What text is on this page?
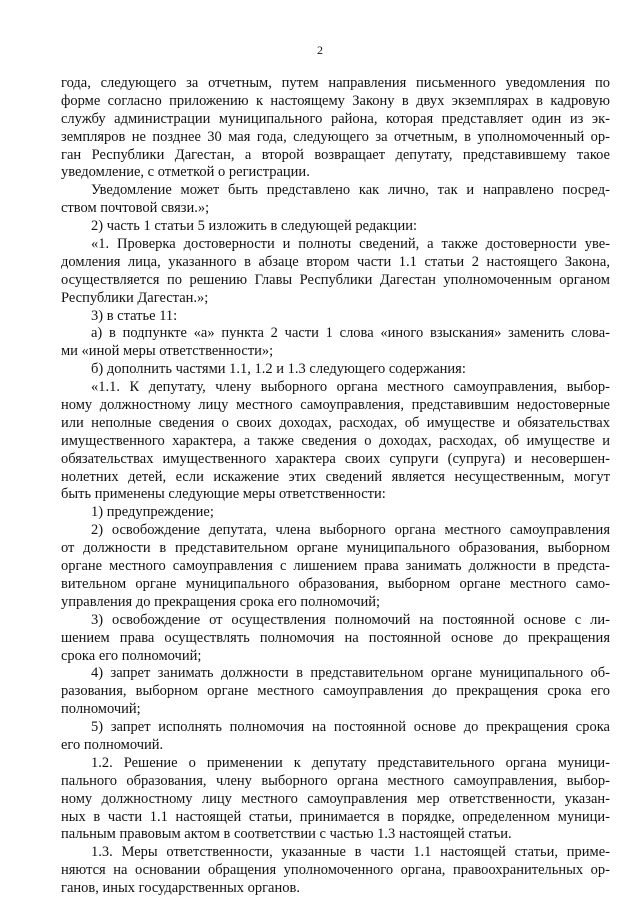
2
года, следующего за отчетным, путем направления письменного уведомления по
форме согласно приложению к настоящему Закону в двух экземплярах в кадровую
службу администрации муниципального района, которая представляет один из эк-
земпляров не позднее 30 мая года, следующего за отчетным, в уполномоченный ор-
ган Республики Дагестан, а второй возвращает депутату, представившему такое
уведомление, с отметкой о регистрации.
Уведомление может быть представлено как лично, так и направлено посред-
ством почтовой связи.»;
2) часть 1 статьи 5 изложить в следующей редакции:
«1. Проверка достоверности и полноты сведений, а также достоверности уве-
домления лица, указанного в абзаце втором части 1.1 статьи 2 настоящего Закона,
осуществляется по решению Главы Республики Дагестан уполномоченным органом
Республики Дагестан.»;
3) в статье 11:
а) в подпункте «а» пункта 2 части 1 слова «иного взыскания» заменить слова-
ми «иной меры ответственности»;
б) дополнить частями 1.1, 1.2 и 1.3 следующего содержания:
«1.1. К депутату, члену выборного органа местного самоуправления, выбор-
ному должностному лицу местного самоуправления, представившим недостоверные
или неполные сведения о своих доходах, расходах, об имуществе и обязательствах
имущественного характера, а также сведения о доходах, расходах, об имуществе и
обязательствах имущественного характера своих супруги (супруга) и несовершен-
нолетних детей, если искажение этих сведений является несущественным, могут
быть применены следующие меры ответственности:
1) предупреждение;
2) освобождение депутата, члена выборного органа местного самоуправления
от должности в представительном органе муниципального образования, выборном
органе местного самоуправления с лишением права занимать должности в предста-
вительном органе муниципального образования, выборном органе местного само-
управления до прекращения срока его полномочий;
3) освобождение от осуществления полномочий на постоянной основе с ли-
шением права осуществлять полномочия на постоянной основе до прекращения
срока его полномочий;
4) запрет занимать должности в представительном органе муниципального об-
разования, выборном органе местного самоуправления до прекращения срока его
полномочий;
5) запрет исполнять полномочия на постоянной основе до прекращения срока
его полномочий.
1.2. Решение о применении к депутату представительного органа муници-
пального образования, члену выборного органа местного самоуправления, выбор-
ному должностному лицу местного самоуправления мер ответственности, указан-
ных в части 1.1 настоящей статьи, принимается в порядке, определенном муници-
пальным правовым актом в соответствии с частью 1.3 настоящей статьи.
1.3. Меры ответственности, указанные в части 1.1 настоящей статьи, приме-
няются на основании обращения уполномоченного органа, правоохранительных ор-
ганов, иных государственных органов.
